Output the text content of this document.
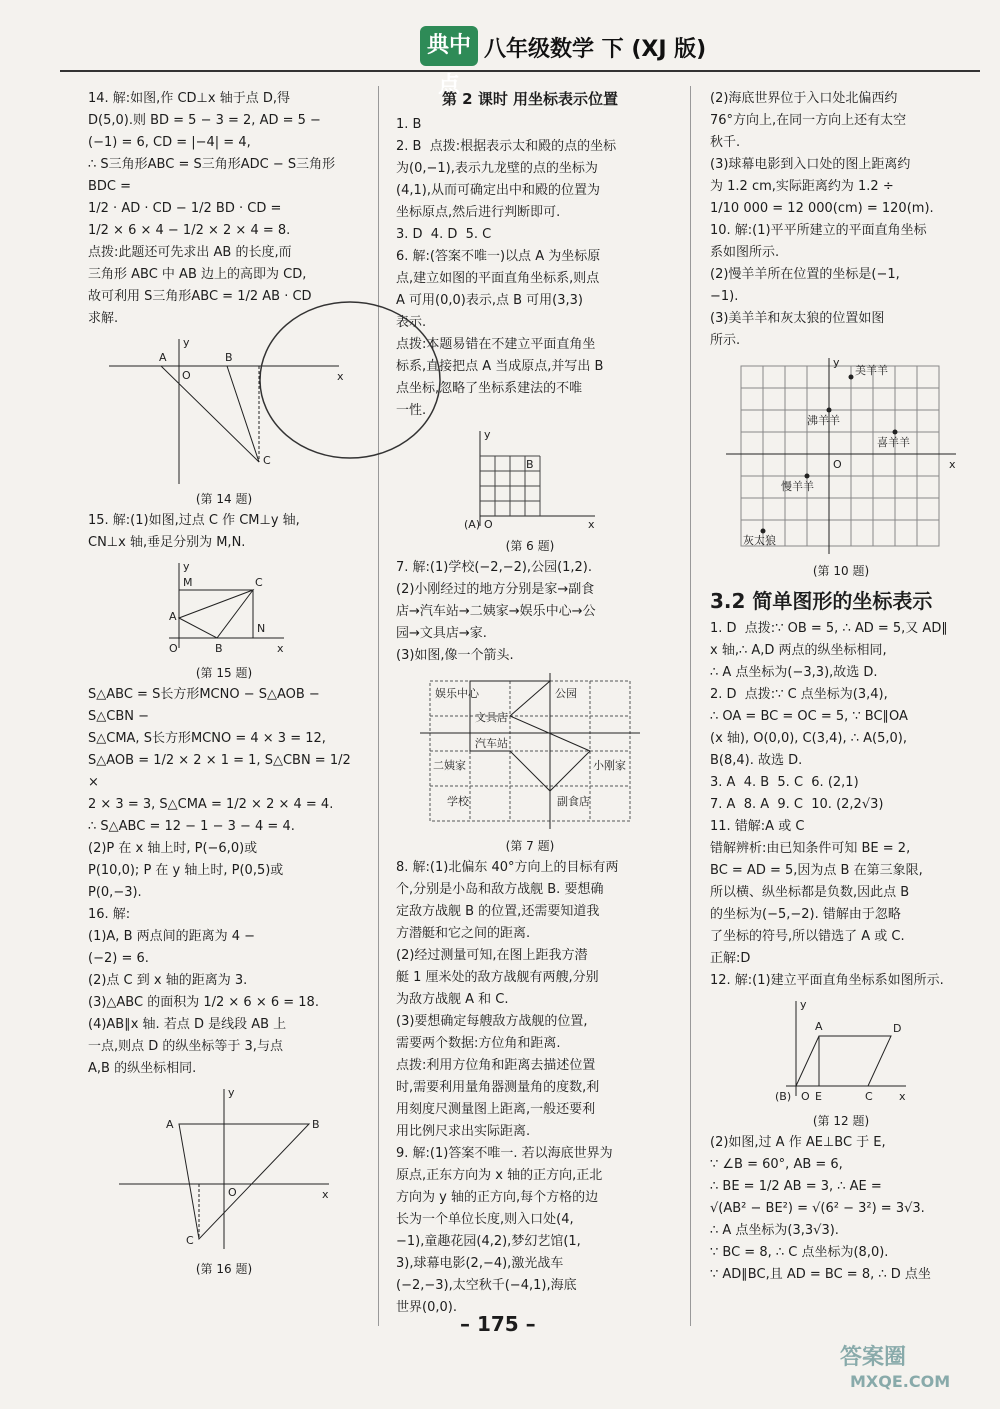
典中点
八年级数学 下 (XJ 版)

14. 解:如图,作 CD⊥x 轴于点 D,得

D(5,0).则 BD = 5 − 3 = 2, AD = 5 −

(−1) = 6, CD = |−4| = 4,

∴ S三角形ABC = S三角形ADC − S三角形BDC =

1/2 · AD · CD − 1/2 BD · CD =

1/2 × 6 × 4 − 1/2 × 2 × 4 = 8.

点拨:此题还可先求出 AB 的长度,而

三角形 ABC 中 AB 边上的高即为 CD,

故可利用 S三角形ABC = 1/2 AB · CD

求解.

A	B
C
O
y
x

(第 14 题)

15. 解:(1)如图,过点 C 作 CM⊥y 轴,

CN⊥x 轴,垂足分别为 M,N.

M	C
A
B
N
O	x
y

(第 15 题)

S△ABC = S长方形MCNO − S△AOB − S△CBN −

S△CMA, S长方形MCNO = 4 × 3 = 12,

S△AOB = 1/2 × 2 × 1 = 1, S△CBN = 1/2 ×

2 × 3 = 3, S△CMA = 1/2 × 2 × 4 = 4.

∴ S△ABC = 12 − 1 − 3 − 4 = 4.

(2)P 在 x 轴上时, P(−6,0)或

P(10,0); P 在 y 轴上时, P(0,5)或

P(0,−3).

16. 解:

(1)A, B 两点间的距离为 4 −

(−2) = 6.

(2)点 C 到 x 轴的距离为 3.

(3)△ABC 的面积为 1/2 × 6 × 6 = 18.

(4)AB∥x 轴. 若点 D 是线段 AB 上

一点,则点 D 的纵坐标等于 3,与点

A,B 的纵坐标相同.

A	B
C
O
y
x

(第 16 题)

第 2 课时 用坐标表示位置

1. B

2. B  点拨:根据表示太和殿的点的坐标

为(0,−1),表示九龙壁的点的坐标为

(4,1),从而可确定出中和殿的位置为

坐标原点,然后进行判断即可.

3. D  4. D  5. C

6. 解:(答案不唯一)以点 A 为坐标原

点,建立如图的平面直角坐标系,则点

A 可用(0,0)表示,点 B 可用(3,3)

表示.

点拨:本题易错在不建立平面直角坐

标系,直接把点 A 当成原点,并写出 B

点坐标,忽略了坐标系建法的不唯

一性.

B
(A) O
y
x

(第 6 题)

7. 解:(1)学校(−2,−2),公园(1,2).

(2)小刚经过的地方分别是家→副食

店→汽车站→二姨家→娱乐中心→公

园→文具店→家.

(3)如图,像一个箭头.

娱乐中心	公园
文具店
汽车站
二姨家	小刚家
学校	副食店

(第 7 题)

8. 解:(1)北偏东 40°方向上的目标有两

个,分别是小岛和敌方战舰 B. 要想确

定敌方战舰 B 的位置,还需要知道我

方潜艇和它之间的距离.

(2)经过测量可知,在图上距我方潜

艇 1 厘米处的敌方战舰有两艘,分别

为敌方战舰 A 和 C.

(3)要想确定每艘敌方战舰的位置,

需要两个数据:方位角和距离.

点拨:利用方位角和距离去描述位置

时,需要利用量角器测量角的度数,利

用刻度尺测量图上距离,一般还要利

用比例尺求出实际距离.

9. 解:(1)答案不唯一. 若以海底世界为

原点,正东方向为 x 轴的正方向,正北

方向为 y 轴的正方向,每个方格的边

长为一个单位长度,则入口处(4,

−1),童趣花园(4,2),梦幻艺馆(1,

3),球幕电影(2,−4),激光战车

(−2,−3),太空秋千(−4,1),海底

世界(0,0).

(2)海底世界位于入口处北偏西约

76°方向上,在同一方向上还有太空

秋千.

(3)球幕电影到入口处的图上距离约

为 1.2 cm,实际距离约为 1.2 ÷

1/10 000 = 12 000(cm) = 120(m).

10. 解:(1)平平所建立的平面直角坐标

系如图所示.

(2)慢羊羊所在位置的坐标是(−1,

−1).

(3)美羊羊和灰太狼的位置如图

所示.

美羊羊
沸羊羊
喜羊羊
慢羊羊
灰太狼
O
y
x

(第 10 题)

3.2 简单图形的坐标表示

1. D  点拨:∵ OB = 5, ∴ AD = 5,又 AD∥

x 轴,∴ A,D 两点的纵坐标相同,

∴ A 点坐标为(−3,3),故选 D.

2. D  点拨:∵ C 点坐标为(3,4),

∴ OA = BC = OC = 5, ∵ BC∥OA

(x 轴), O(0,0), C(3,4), ∴ A(5,0),

B(8,4). 故选 D.

3. A  4. B  5. C  6. (2,1)

7. A  8. A  9. C  10. (2,2√3)

11. 错解:A 或 C

错解辨析:由已知条件可知 BE = 2,

BC = AD = 5,因为点 B 在第三象限,

所以横、纵坐标都是负数,因此点 B

的坐标为(−5,−2). 错解由于忽略

了坐标的符号,所以错选了 A 或 C.

正解:D

12. 解:(1)建立平面直角坐标系如图所示.

A	D
(B) O E	C x
y

(第 12 题)

(2)如图,过 A 作 AE⊥BC 于 E,

∵ ∠B = 60°, AB = 6,

∴ BE = 1/2 AB = 3, ∴ AE =

√(AB² − BE²) = √(6² − 3²) = 3√3.

∴ A 点坐标为(3,3√3).

∵ BC = 8, ∴ C 点坐标为(8,0).

∵ AD∥BC,且 AD = BC = 8, ∴ D 点坐

– 175 –
答案圈
MXQE.COM
